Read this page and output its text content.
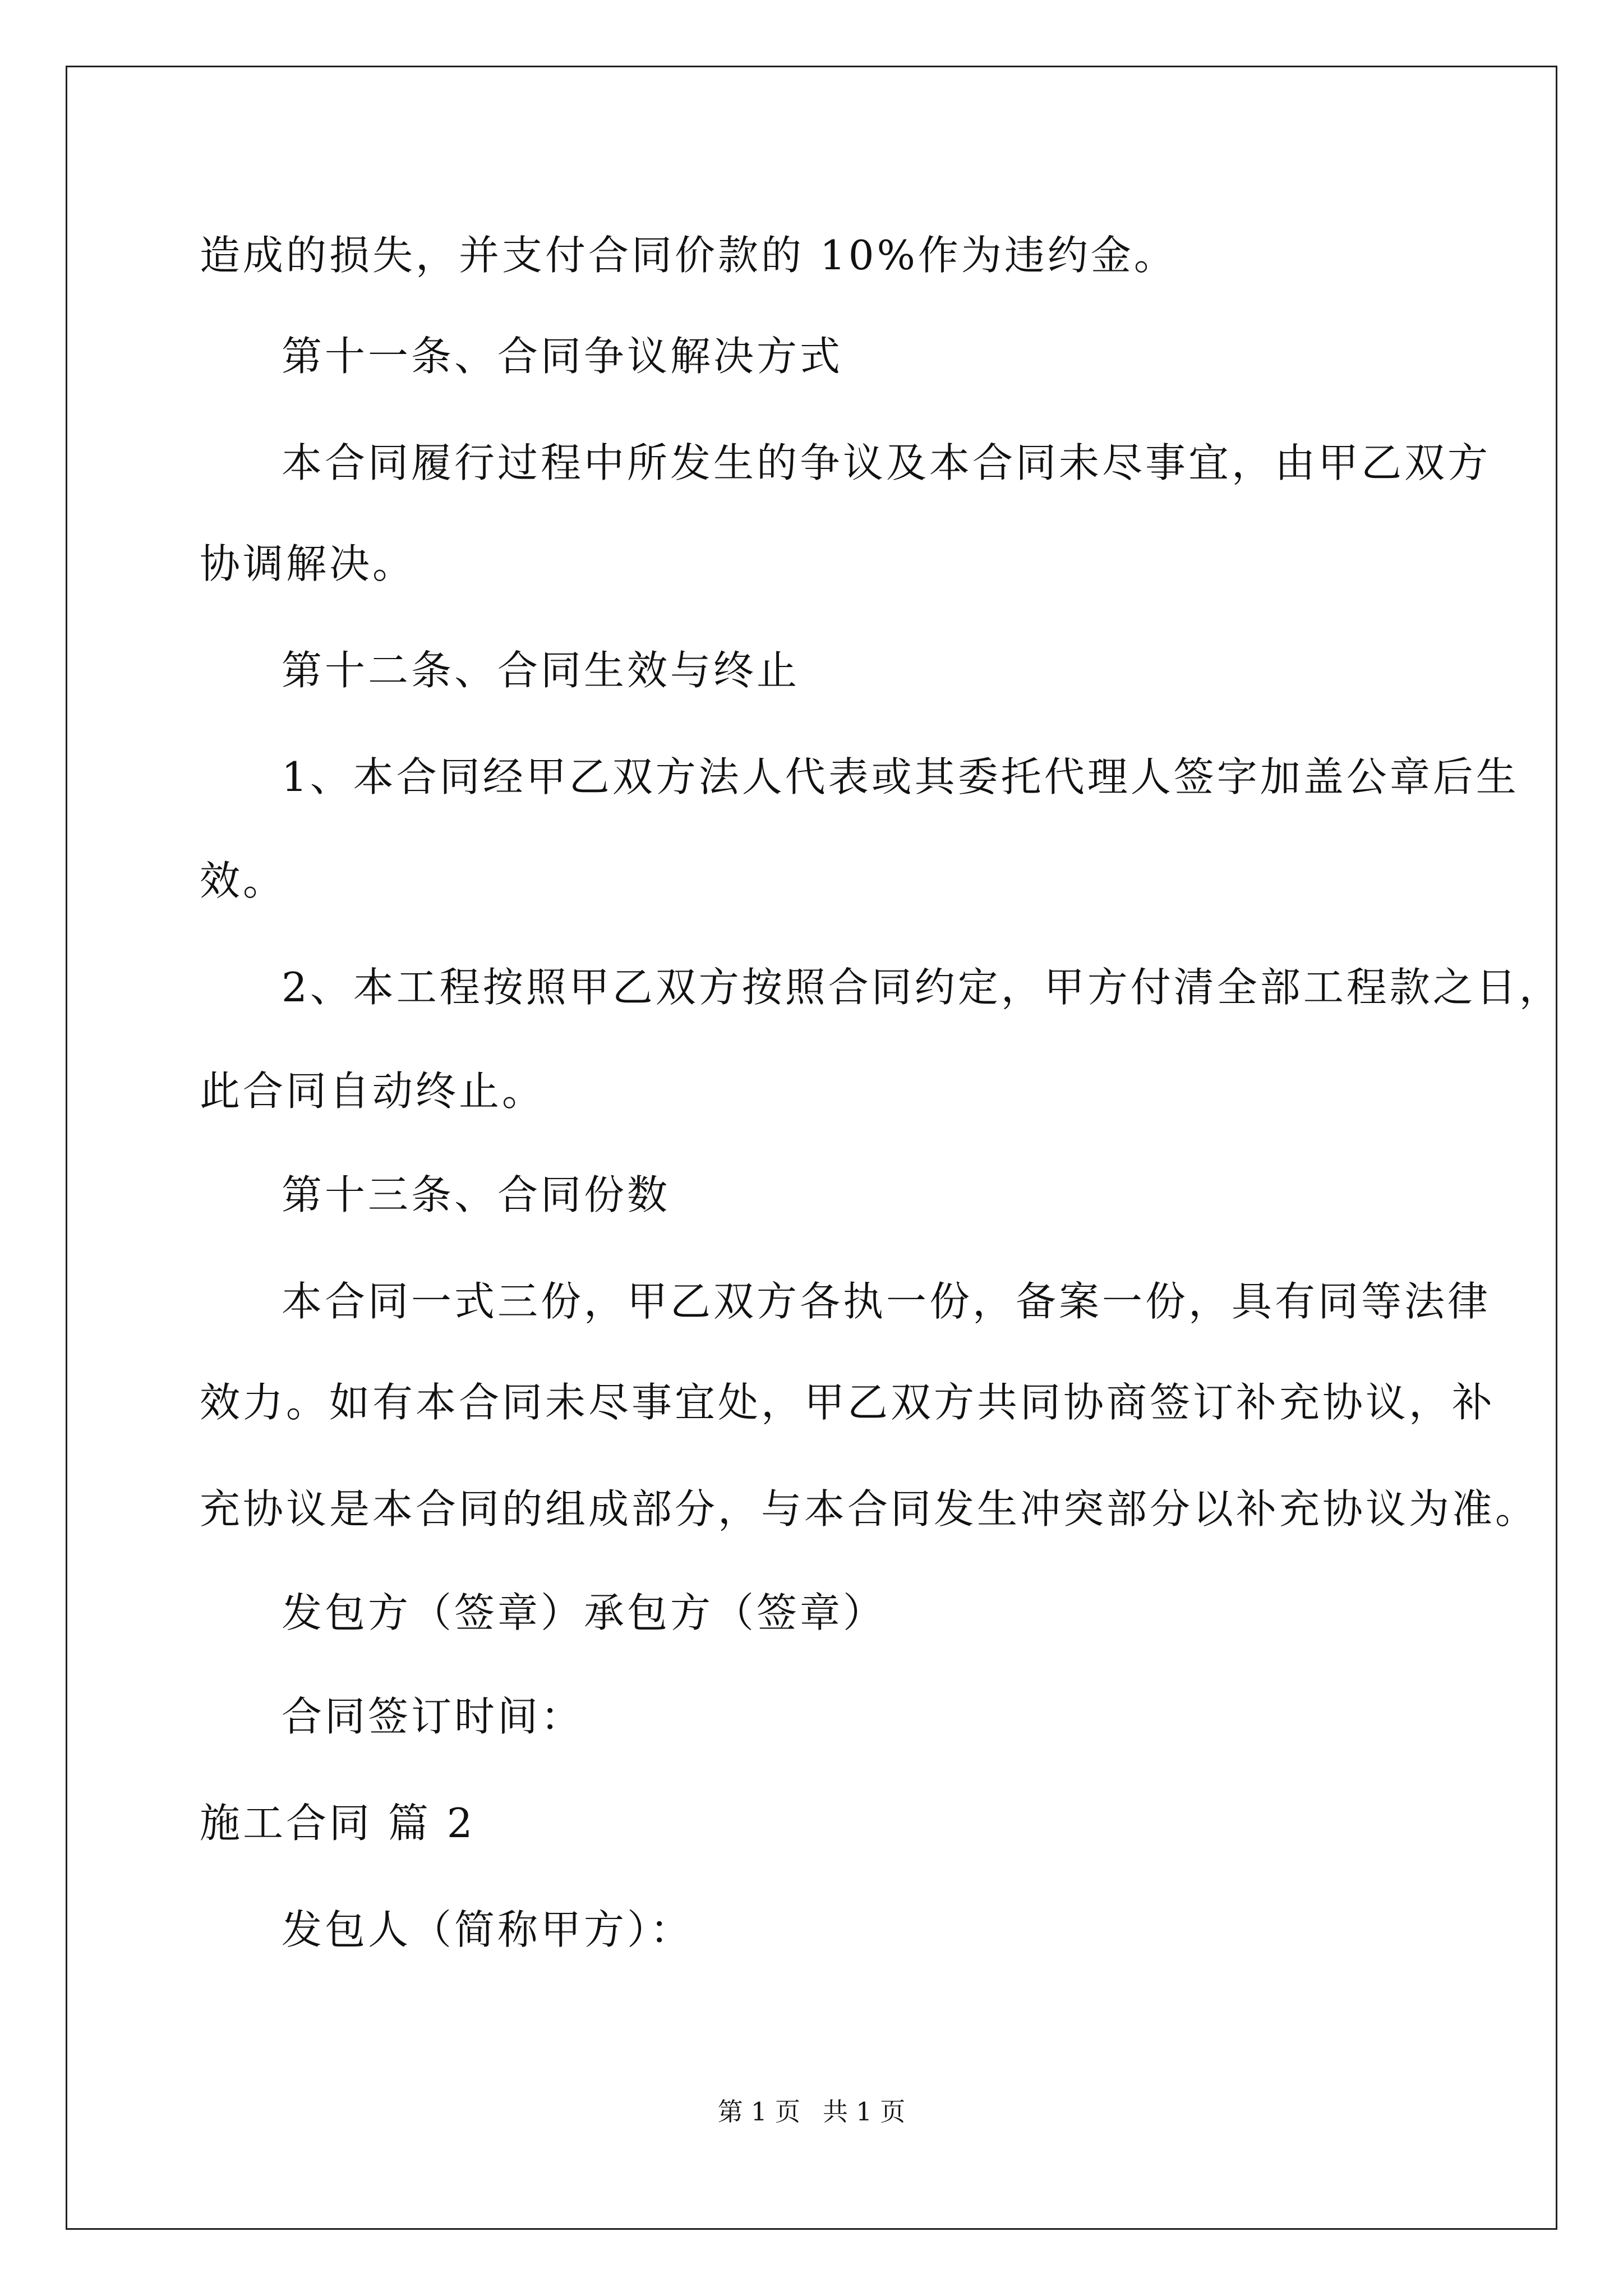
造成的损失，并支付合同价款的 10%作为违约金。
第十一条、合同争议解决方式
本合同履行过程中所发生的争议及本合同未尽事宜，由甲乙双方
协调解决。
第十二条、合同生效与终止
1、本合同经甲乙双方法人代表或其委托代理人签字加盖公章后生
效。
2、本工程按照甲乙双方按照合同约定，甲方付清全部工程款之日，
此合同自动终止。
第十三条、合同份数
本合同一式三份，甲乙双方各执一份，备案一份，具有同等法律
效力。如有本合同未尽事宜处，甲乙双方共同协商签订补充协议，补
充协议是本合同的组成部分，与本合同发生冲突部分以补充协议为准。
发包方（签章）承包方（签章）
合同签订时间：
施工合同 篇 2
发包人（简称甲方）：
第 1 页 共 1 页
